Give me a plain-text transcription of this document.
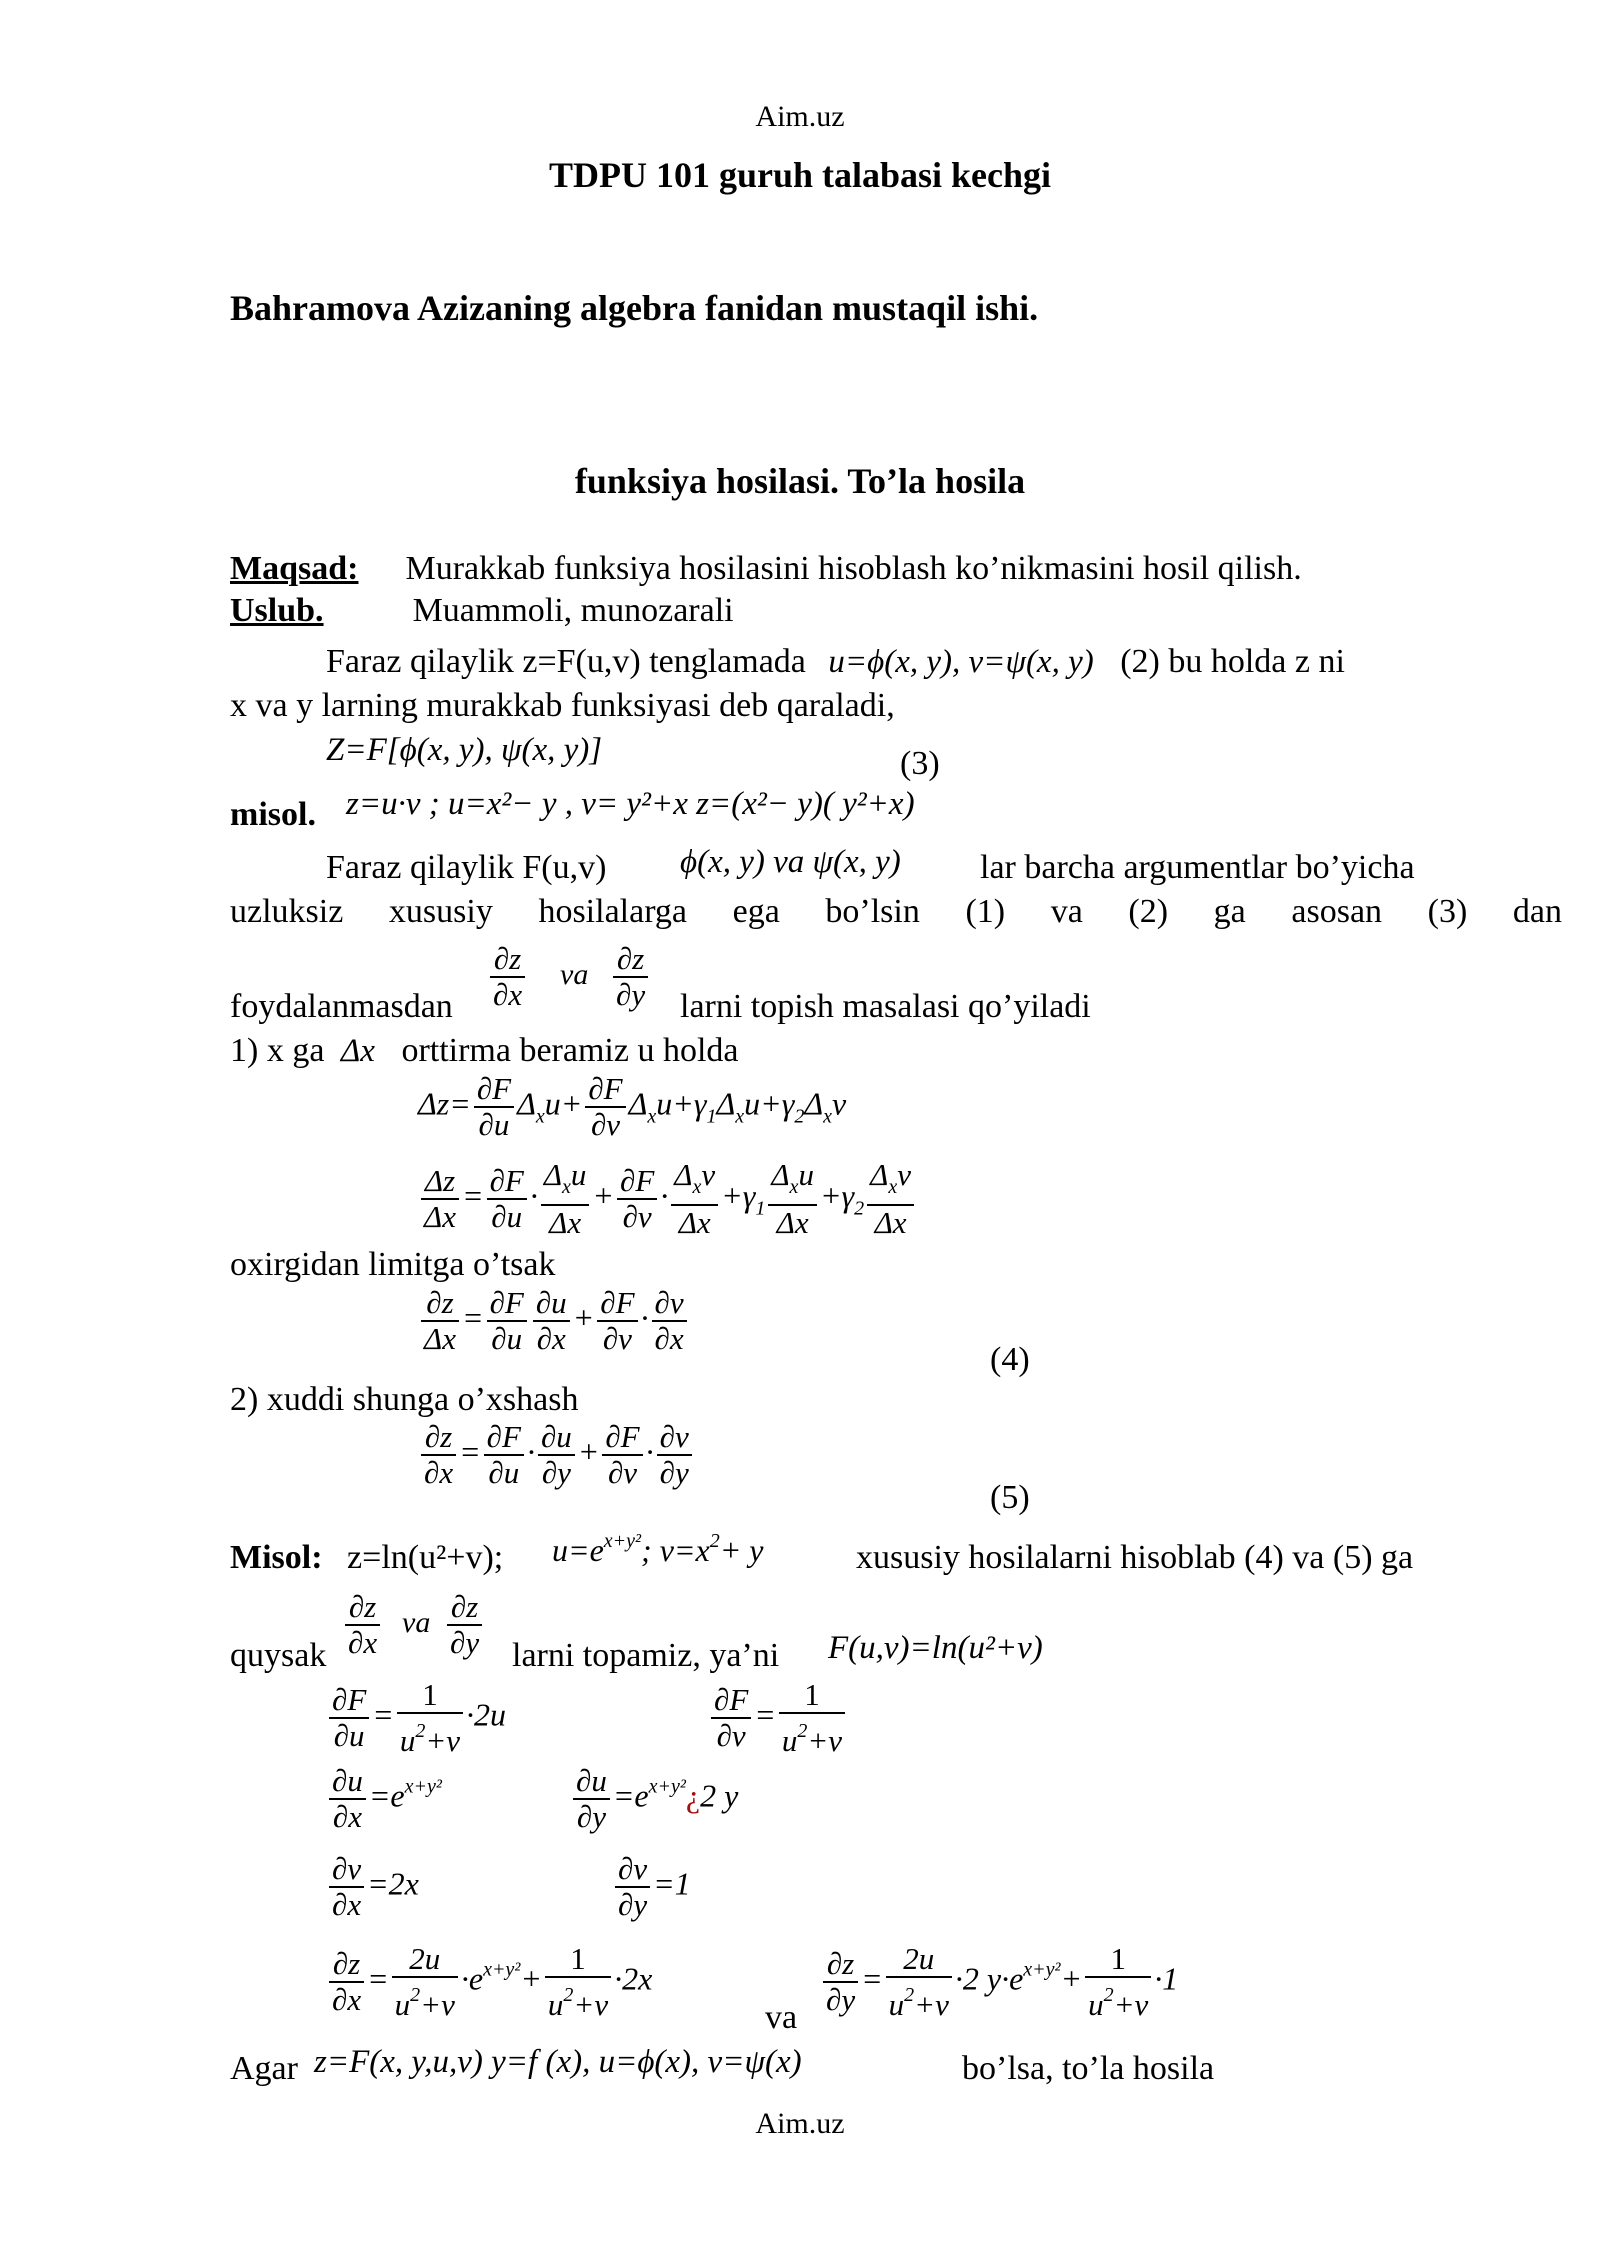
Aim.uz
TDPU 101 guruh talabasi kechgi
Bahramova Azizaning algebra fanidan mustaqil ishi.
funksiya hosilasi. To’la hosila
Maqsad: Murakkab funksiya hosilasini hisoblash ko’nikmasini hosil qilish.
Uslub.	Muammoli, munozarali
Faraz qilaylik z=F(u,v) tenglamada u=ϕ(x, y), v=ψ(x, y) (2) bu holda z ni
x va y larning murakkab funksiyasi deb qaraladi,
Z=F[ϕ(x, y), ψ(x, y)]	(3)
misol. z=u·v ; u=x²− y , v= y²+x z=(x²− y)( y²+x)
Faraz qilaylik F(u,v) ϕ(x, y) va ψ(x, y) lar barcha argumentlar bo’yicha
uzluksiz xususiy hosilalarga ega bo’lsin (1) va (2) ga asosan (3) dan
foydalanmasdan $\frac{\partial z}{\partial x}$ va $\frac{\partial z}{\partial y}$ larni topish masalasi qo’yiladi
1) x ga Δx orttirma beramiz u holda
$\Delta z= \frac{\partial F}{\partial u} \Delta_xu+ \frac{\partial F}{\partial v} \Delta_xu+\gamma_1\Delta_xu+\gamma_2\Delta_xv$
$\frac{\Delta z}{\Delta x} = \frac{\partial F}{\partial u} \cdot \frac{\Delta_xu}{\Delta x} + \frac{\partial F}{\partial v} \cdot \frac{\Delta_xv}{\Delta x} +\gamma_1 \frac{\Delta_xu}{\Delta x} +\gamma_2 \frac{\Delta_xv}{\Delta x}$
oxirgidan limitga o’tsak
$\frac{\partial z}{\Delta x} = \frac{\partial F}{\partial u} \frac{\partial u}{\partial x} + \frac{\partial F}{\partial v} \cdot \frac{\partial v}{\partial x}$
(4)
2) xuddi shunga o’xshash
$\frac{\partial z}{\partial x} = \frac{\partial F}{\partial u} \cdot \frac{\partial u}{\partial y} + \frac{\partial F}{\partial v} \cdot \frac{\partial v}{\partial y}$
(5)
Misol: z=ln(u²+v); $u=e^{x+y^2}$; $v=x^2+ y$	xususiy hosilalarni hisoblab (4) va (5) ga
quysak $\frac{\partial z}{\partial x}$ va $\frac{\partial z}{\partial y}$ larni topamiz, ya’ni F(u,v)=ln(u²+v)
$\frac{\partial F}{\partial u} = \frac{1}{u^2+v} \cdot 2u$	$\frac{\partial F}{\partial v} = \frac{1}{u^2+v}$
$\frac{\partial u}{\partial x} =e^{x+y^2}$	$\frac{\partial u}{\partial y}$ $=e^{x+y^2}¿2$ y
$\frac{\partial v}{\partial x} =2x$	$\frac{\partial v}{\partial y} =1$
$\frac{\partial z}{\partial x} = \frac{2u}{u^2+v} \cdot e^{x+y^2}+ \frac{1}{u^2+v} \cdot 2x$
va
$\frac{\partial z}{\partial y} = \frac{2u}{u^2+v} \cdot 2$ $y\cdot e^{x+y^2}+ \frac{1}{u^2+v} \cdot 1$
Agar z=F(x, y,u,v) y=f (x), u=ϕ(x), v=ψ(x)	bo’lsa, to’la hosila
Aim.uz
